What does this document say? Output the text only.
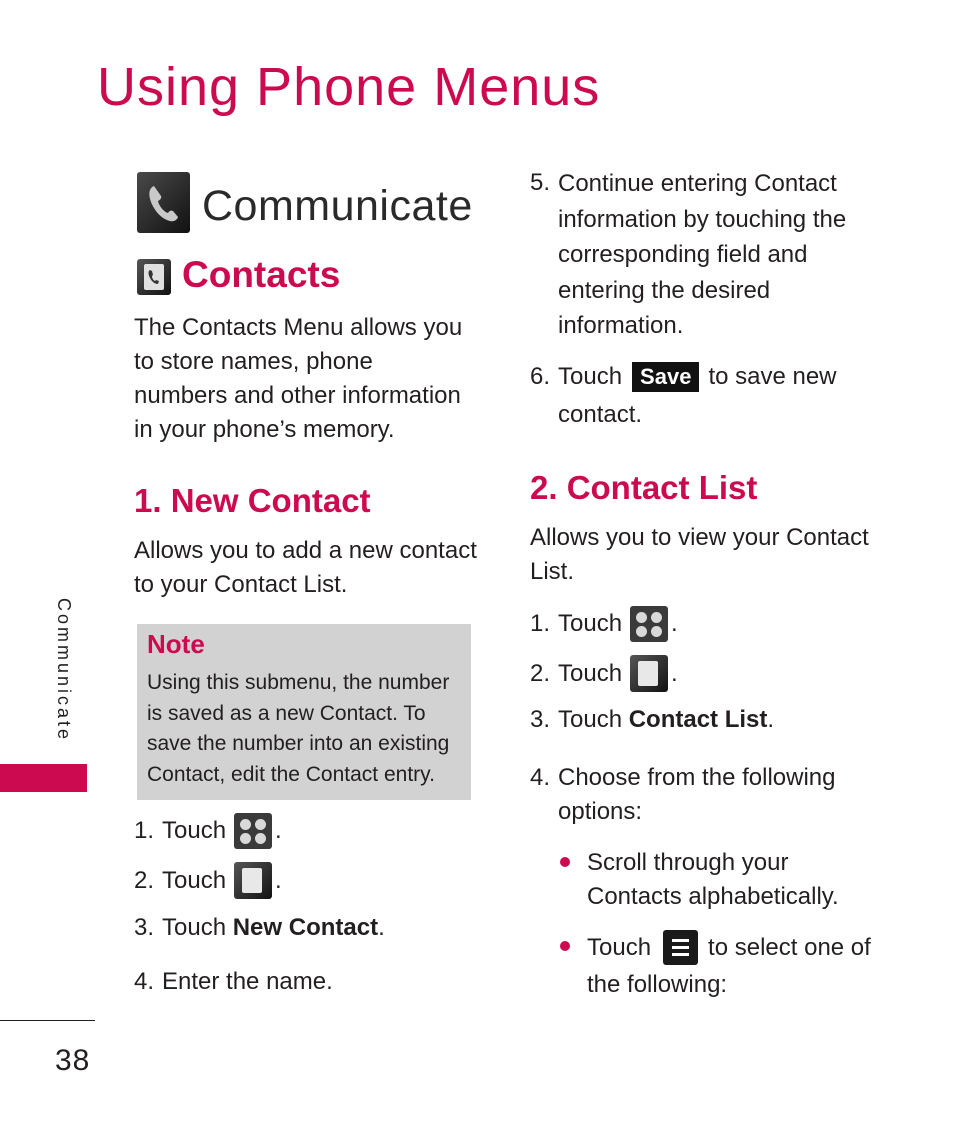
Using Phone Menus
Communicate
Contacts
The Contacts Menu allows you to store names, phone numbers and other information in your phone’s memory.
1. New Contact
Allows you to add a new contact to your Contact List.
Note
Using this submenu, the number is saved as a new Contact. To save the number into an existing Contact, edit the Contact entry.
1. Touch .
2. Touch .
3. Touch
New Contact .
4. Enter the name.
5. Continue entering Contact information by touching the corresponding field and entering the desired information.
6. Touch Save to save new
contact.
2. Contact List
Allows you to view your Contact List.
1. Touch .
2. Touch .
3. Touch
Contact List .
4. Choose from the following options:
Scroll through your Contacts alphabetically.
Touch to select one of
the following:
Communicate
38
